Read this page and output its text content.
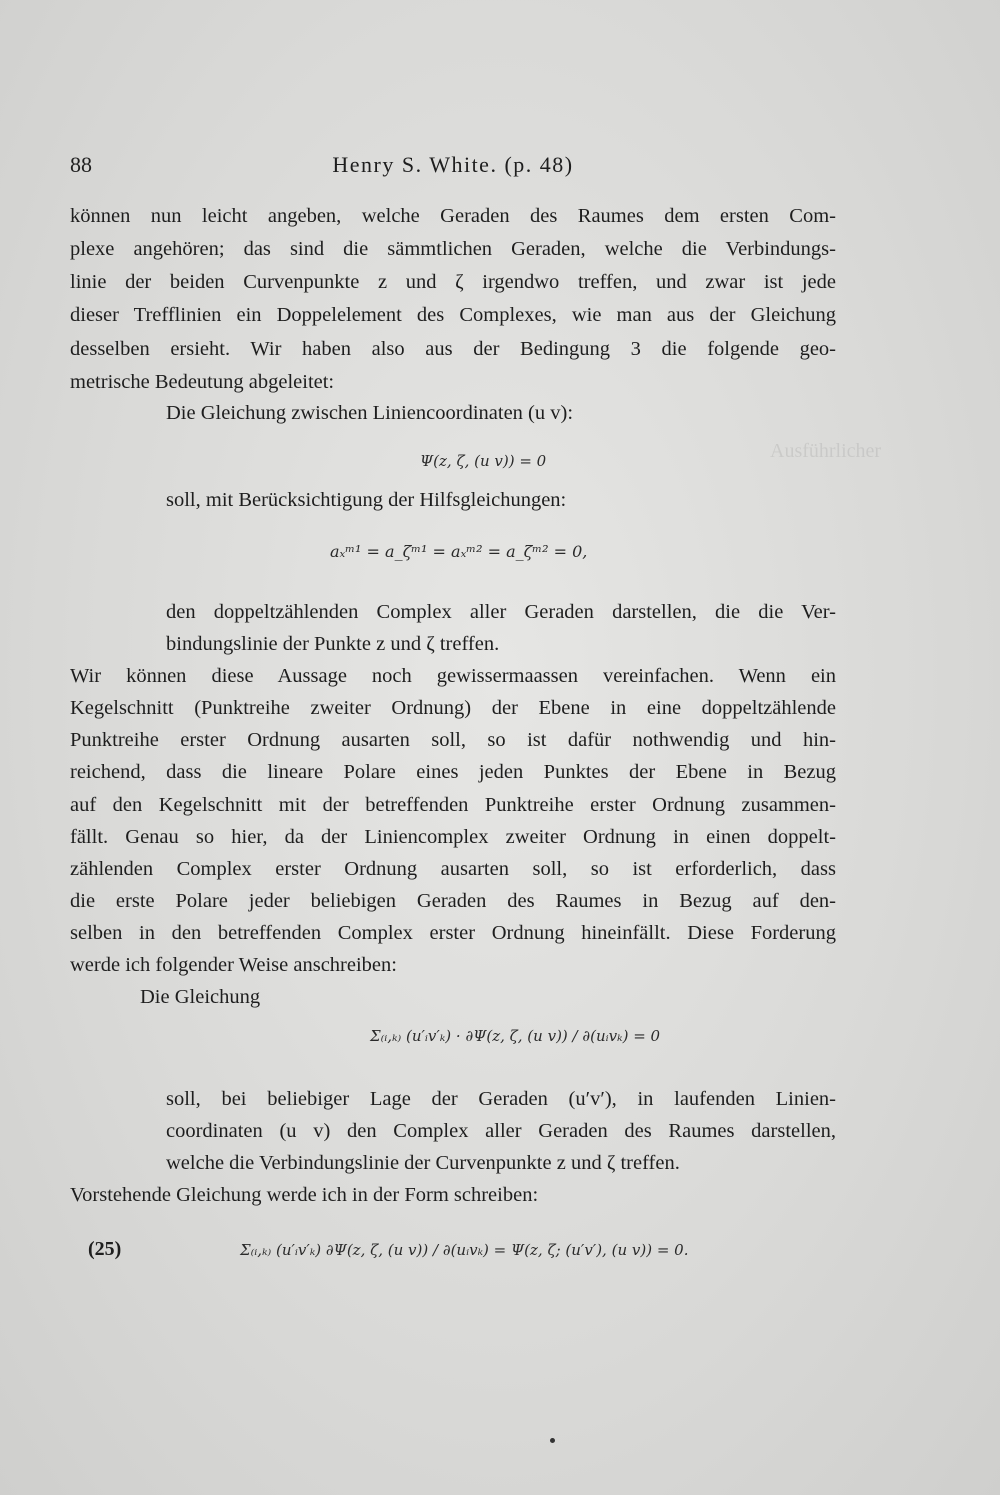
Ausführlicher
88	Henry S. White. (p. 48)
können nun leicht angeben, welche Geraden des Raumes dem ersten Com-
plexe angehören; das sind die sämmtlichen Geraden, welche die Verbindungs-
linie der beiden Curvenpunkte z und ζ irgendwo treffen, und zwar ist jede
dieser Trefflinien ein Doppelelement des Complexes, wie man aus der Gleichung
desselben ersieht. Wir haben also aus der Bedingung 3 die folgende geo-
metrische Bedeutung abgeleitet:
Die Gleichung zwischen Liniencoordinaten (u v):
Ψ(z, ζ, (u v)) = 0
soll, mit Berücksichtigung der Hilfsgleichungen:
aₓᵐ¹ = a_ζᵐ¹ = aₓᵐ² = a_ζᵐ² = 0,
den doppeltzählenden Complex aller Geraden darstellen, die die Ver-
bindungslinie der Punkte z und ζ treffen.
Wir können diese Aussage noch gewissermaassen vereinfachen. Wenn ein
Kegelschnitt (Punktreihe zweiter Ordnung) der Ebene in eine doppeltzählende
Punktreihe erster Ordnung ausarten soll, so ist dafür nothwendig und hin-
reichend, dass die lineare Polare eines jeden Punktes der Ebene in Bezug
auf den Kegelschnitt mit der betreffenden Punktreihe erster Ordnung zusammen-
fällt. Genau so hier, da der Liniencomplex zweiter Ordnung in einen doppelt-
zählenden Complex erster Ordnung ausarten soll, so ist erforderlich, dass
die erste Polare jeder beliebigen Geraden des Raumes in Bezug auf den-
selben in den betreffenden Complex erster Ordnung hineinfällt. Diese Forderung
werde ich folgender Weise anschreiben:
Die Gleichung
Σ₍ᵢ,ₖ₎ (u′ᵢv′ₖ) · ∂Ψ(z, ζ, (u v)) / ∂(uᵢvₖ) = 0
soll, bei beliebiger Lage der Geraden (u′v′), in laufenden Linien-
coordinaten (u v) den Complex aller Geraden des Raumes darstellen,
welche die Verbindungslinie der Curvenpunkte z und ζ treffen.
Vorstehende Gleichung werde ich in der Form schreiben:
(25)	Σ₍ᵢ,ₖ₎ (u′ᵢv′ₖ) ∂Ψ(z, ζ, (u v)) / ∂(uᵢvₖ) = Ψ(z, ζ; (u′v′), (u v)) = 0.
